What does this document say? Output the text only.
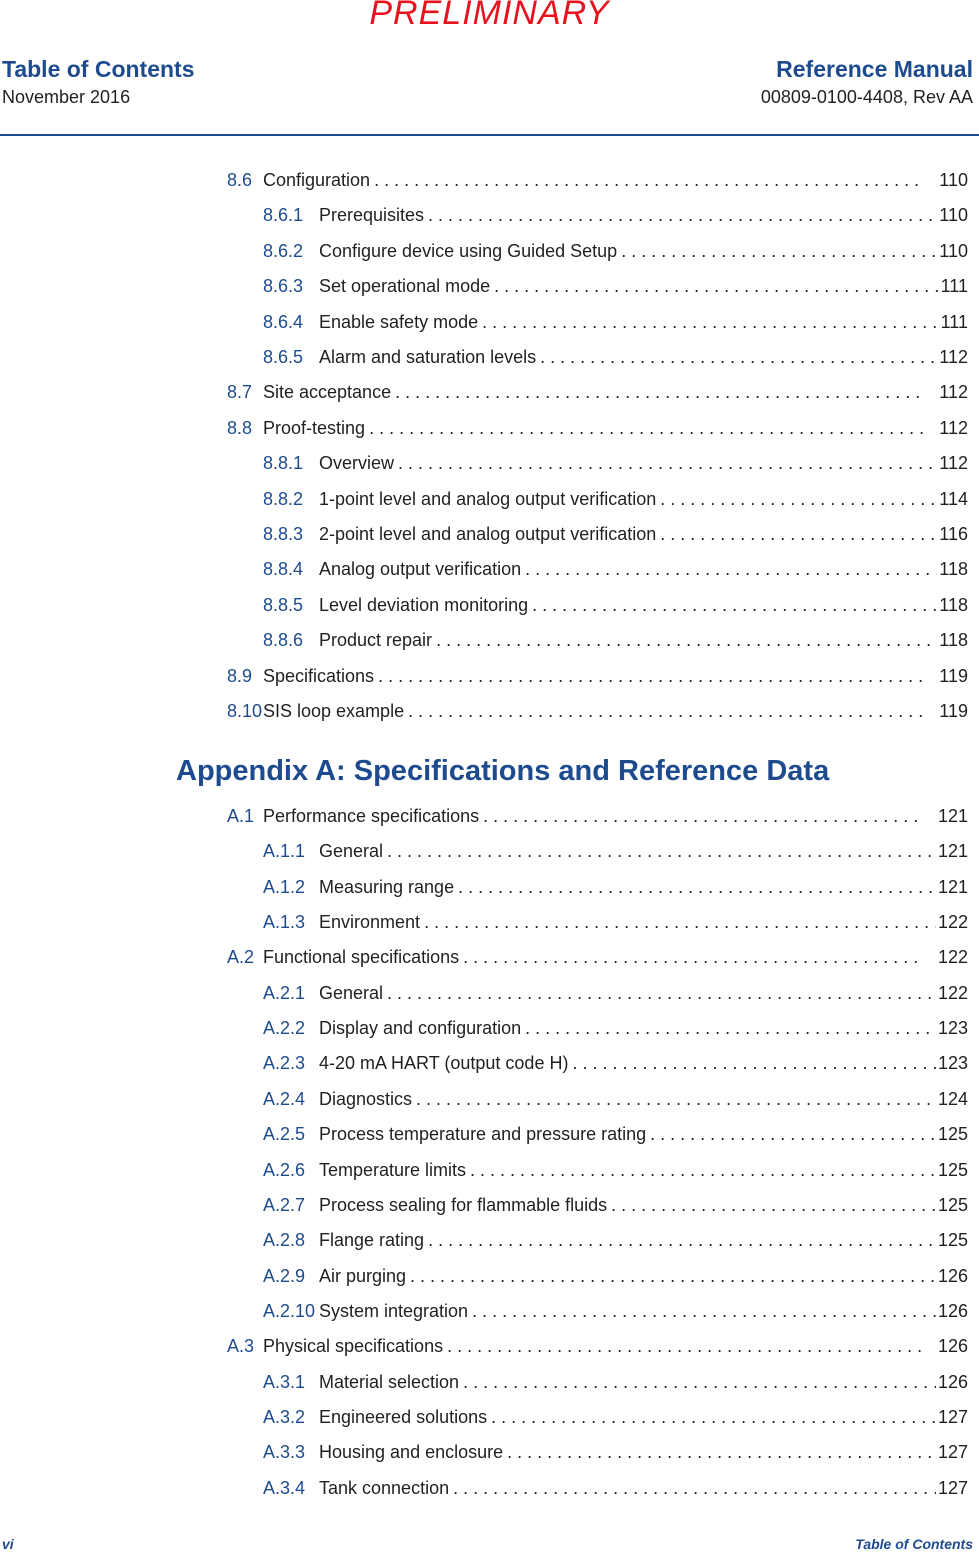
PRELIMINARY
Table of Contents
November 2016
Reference Manual
00809-0100-4408, Rev AA
8.6 Configuration . . .	110
8.6.1 Prerequisites . . .	110
8.6.2 Configure device using Guided Setup . . .	110
8.6.3 Set operational mode . . .	111
8.6.4 Enable safety mode . . .	111
8.6.5 Alarm and saturation levels . . .	112
8.7 Site acceptance . . .	112
8.8 Proof-testing . . .	112
8.8.1 Overview . . .	112
8.8.2 1-point level and analog output verification . . .	114
8.8.3 2-point level and analog output verification . . .	116
8.8.4 Analog output verification . . .	118
8.8.5 Level deviation monitoring . . .	118
8.8.6 Product repair . . .	118
8.9 Specifications . . .	119
8.10 SIS loop example . . .	119
Appendix A: Specifications and Reference Data
A.1 Performance specifications . . .	121
A.1.1 General . . .	121
A.1.2 Measuring range . . .	121
A.1.3 Environment . . .	122
A.2 Functional specifications . . .	122
A.2.1 General . . .	122
A.2.2 Display and configuration . . .	123
A.2.3 4-20 mA HART (output code H) . . .	123
A.2.4 Diagnostics . . .	124
A.2.5 Process temperature and pressure rating . . .	125
A.2.6 Temperature limits . . .	125
A.2.7 Process sealing for flammable fluids . . .	125
A.2.8 Flange rating . . .	125
A.2.9 Air purging . . .	126
A.2.10 System integration . . .	126
A.3 Physical specifications . . .	126
A.3.1 Material selection . . .	126
A.3.2 Engineered solutions . . .	127
A.3.3 Housing and enclosure . . .	127
A.3.4 Tank connection . . .	127
vi	Table of Contents
